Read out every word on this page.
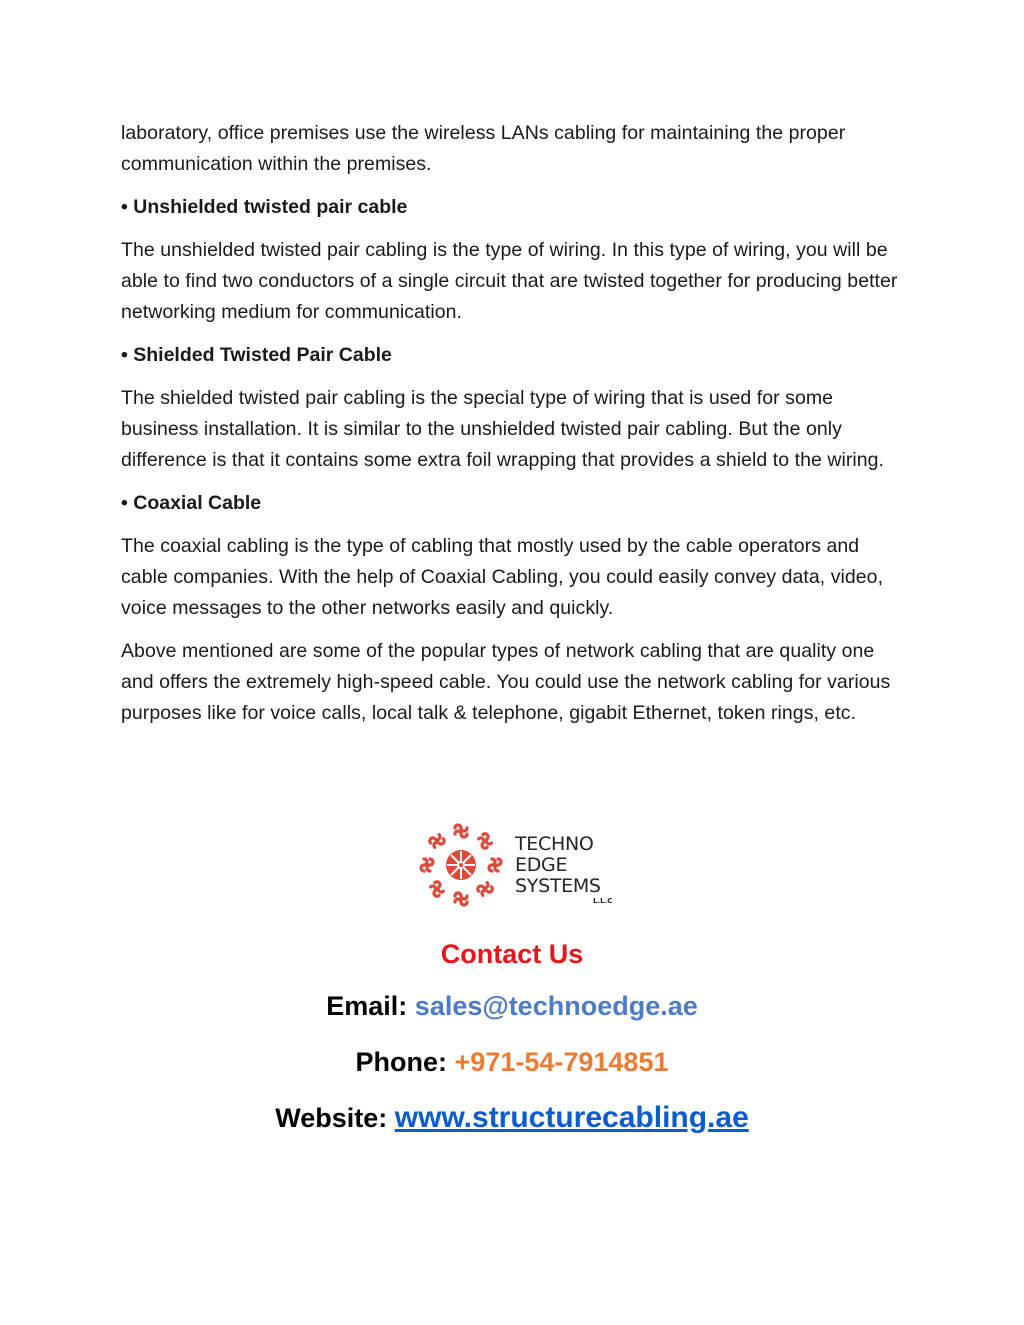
laboratory, office premises use the wireless LANs cabling for maintaining the proper communication within the premises.

• Unshielded twisted pair cable

The unshielded twisted pair cabling is the type of wiring. In this type of wiring, you will be able to find two conductors of a single circuit that are twisted together for producing better networking medium for communication.

• Shielded Twisted Pair Cable

The shielded twisted pair cabling is the special type of wiring that is used for some business installation. It is similar to the unshielded twisted pair cabling. But the only difference is that it contains some extra foil wrapping that provides a shield to the wiring.

• Coaxial Cable

The coaxial cabling is the type of cabling that mostly used by the cable operators and cable companies. With the help of Coaxial Cabling, you could easily convey data, video, voice messages to the other networks easily and quickly.

Above mentioned are some of the popular types of network cabling that are quality one and offers the extremely high-speed cable. You could use the network cabling for various purposes like for voice calls, local talk & telephone, gigabit Ethernet, token rings, etc.

TECHNO
EDGE
SYSTEMS
L.L.C

Contact Us

Email: sales@technoedge.ae

Phone: +971-54-7914851

Website: www.structurecabling.ae
